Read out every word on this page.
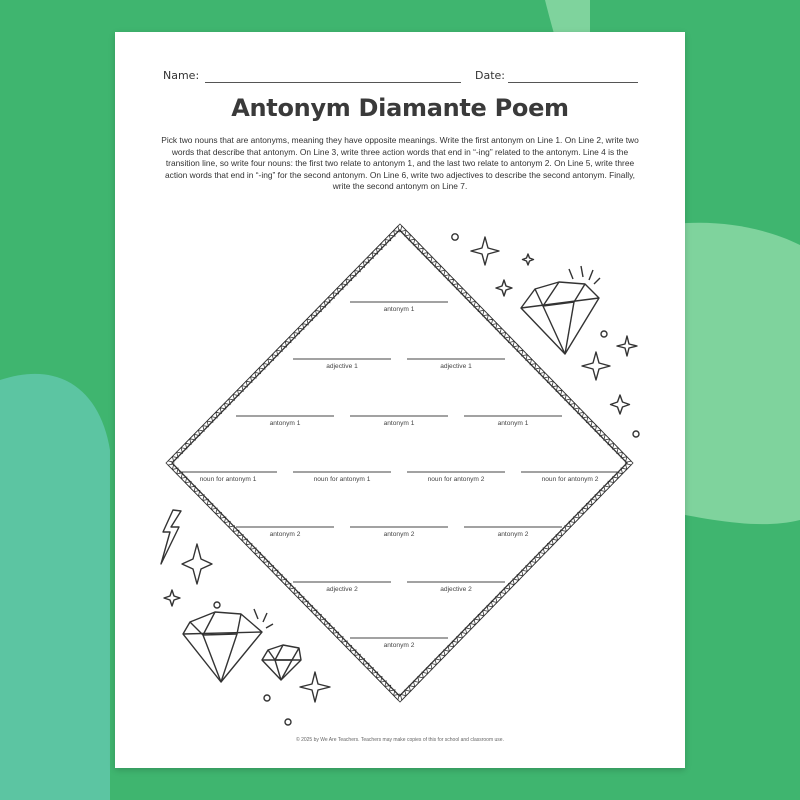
Name:	Date:
Antonym Diamante Poem
Pick two nouns that are antonyms, meaning they have opposite meanings. Write the first antonym on Line 1. On Line 2, write two words that describe that antonym. On Line 3, write three action words that end in “-ing” related to the antonym. Line 4 is the transition line, so write four nouns: the first two relate to antonym 1, and the last two relate to antonym 2. On Line 5, write three action words that end in “-ing” for the second antonym. On Line 6, write two adjectives to describe the second antonym. Finally, write the second antonym on Line 7.
antonym 1
adjective 1	adjective 1
antonym 1	antonym 1	antonym 1
noun for antonym 1	noun for antonym 1	noun for antonym 2	noun for antonym 2
antonym 2	antonym 2	antonym 2
adjective 2	adjective 2
antonym 2
© 2025 by We Are Teachers. Teachers may make copies of this for school and classroom use.
